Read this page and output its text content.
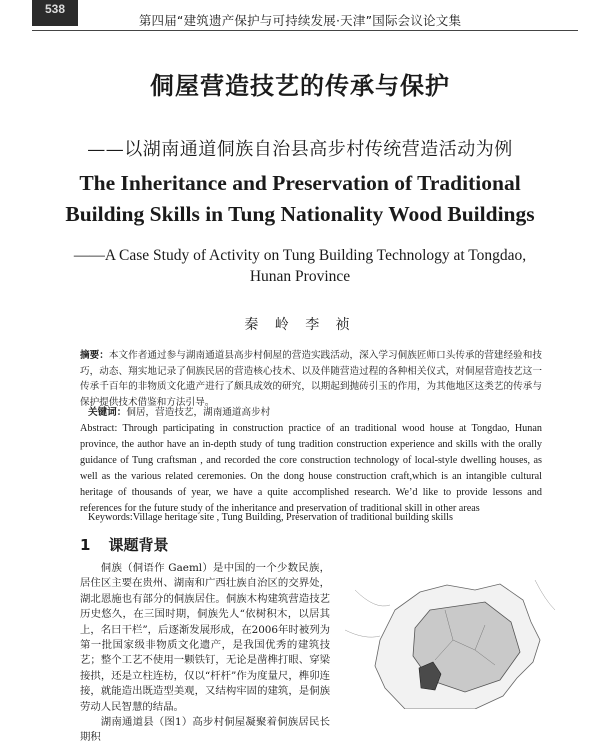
538
第四届“建筑遗产保护与可持续发展·天津”国际会议论文集
侗屋营造技艺的传承与保护
——以湖南通道侗族自治县高步村传统营造活动为例
The Inheritance and Preservation of Traditional Building Skills in Tung Nationality Wood Buildings
——A Case Study of Activity on Tung Building Technology at Tongdao, Hunan Province
秦 岭 李 祯
摘要：本文作者通过参与湖南通道县高步村侗屋的营造实践活动，深入学习侗族匠师口头传承的营建经验和技巧，动态、翔实地记录了侗族民居的营造核心技术、以及伴随营造过程的各种相关仪式，对侗屋营造技艺这一传承千百年的非物质文化遗产进行了颇具成效的研究，以期起到抛砖引玉的作用，为其他地区这类艺的传承与保护提供技术借鉴和方法引导。
关键词：侗居，营造技艺，湖南通道高步村
Abstract: Through participating in construction practice of an traditional wood house at Tongdao, Hunan province, the author have an in-depth study of tung tradition construction experience and skills with the orally guidance of Tung craftsman , and recorded the core construction technology of local-style dwelling houses, as well as the various related ceremonies. On the dong house construction craft,which is an intangible cultural heritage of thousands of year, we have a quite accomplished research. We’d like to provide lessons and references for the future study of the inheritance and preservation of traditional skill in other areas
Keywords:Village heritage site , Tung Building, Preservation of traditional building skills
1 课题背景

侗族（侗语作 Gaeml）是中国的一个少数民族，居住区主要在贵州、湖南和广西壮族自治区的交界处，湖北恩施也有部分的侗族居住。侗族木构建筑营造技艺历史悠久，在三国时期，侗族先人“依树积木，以居其上，名曰干栏”，后逐渐发展形成，在2006年时被列为第一批国家级非物质文化遗产，是我国优秀的建筑技艺；整个工艺不使用一颗铁钉，无论是凿榫打眼、穿梁接拱，还是立柱连枋，仅以“杆杆”作为度量尺，榫卯连接，就能造出既造型美观，又结构牢固的建筑，是侗族劳动人民智慧的结晶。

湖南通道县（图1）高步村侗屋凝聚着侗族居民长期积
